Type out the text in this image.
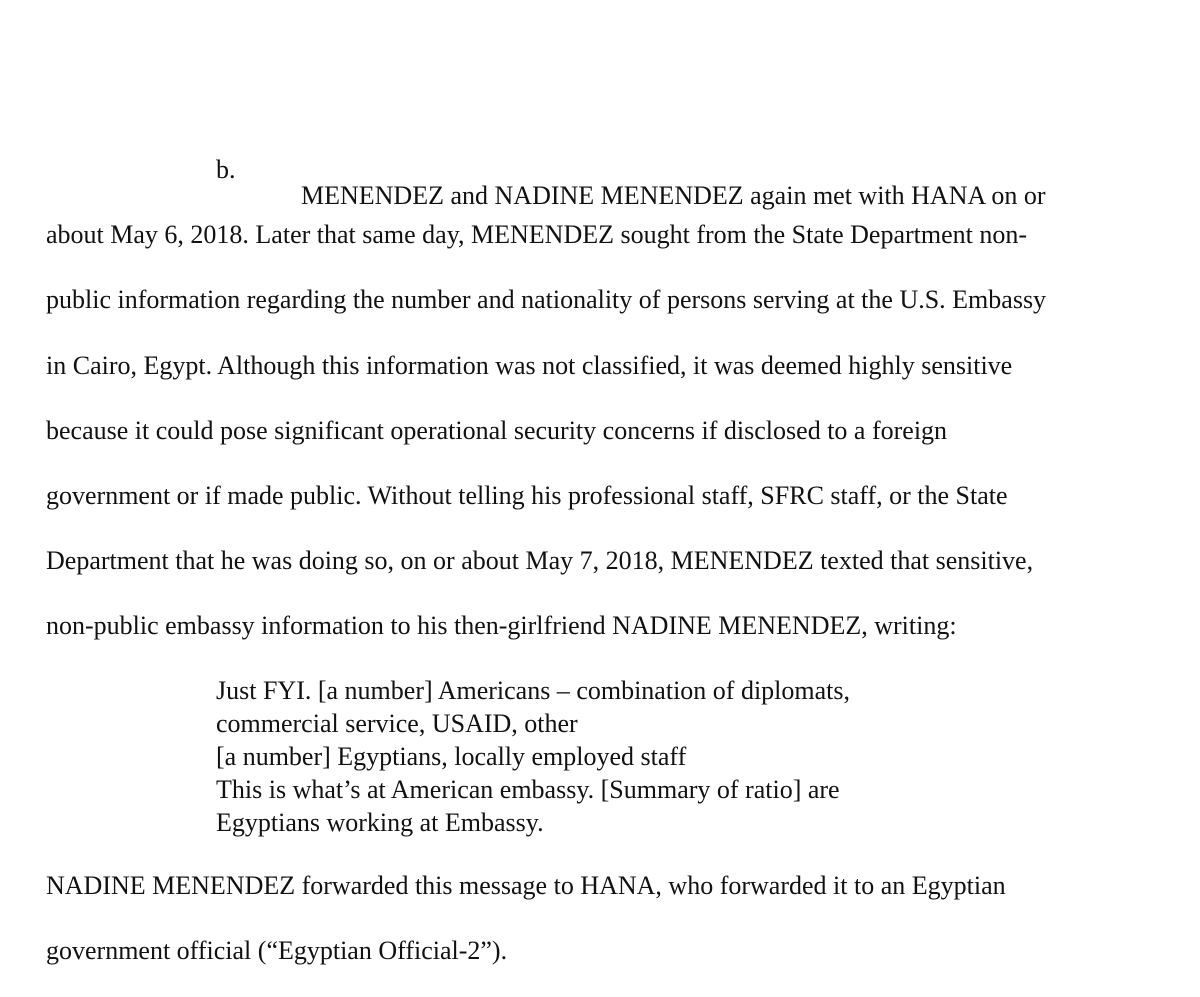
b.

MENENDEZ and NADINE MENENDEZ again met with HANA on or

about May 6, 2018. Later that same day, MENENDEZ sought from the State Department non-

public information regarding the number and nationality of persons serving at the U.S. Embassy

in Cairo, Egypt. Although this information was not classified, it was deemed highly sensitive

because it could pose significant operational security concerns if disclosed to a foreign

government or if made public. Without telling his professional staff, SFRC staff, or the State

Department that he was doing so, on or about May 7, 2018, MENENDEZ texted that sensitive,

non-public embassy information to his then-girlfriend NADINE MENENDEZ, writing:

Just FYI. [a number] Americans – combination of diplomats,

commercial service, USAID, other

[a number] Egyptians, locally employed staff

This is what’s at American embassy. [Summary of ratio] are

Egyptians working at Embassy.

NADINE MENENDEZ forwarded this message to HANA, who forwarded it to an Egyptian

government official (“Egyptian Official-2”).
